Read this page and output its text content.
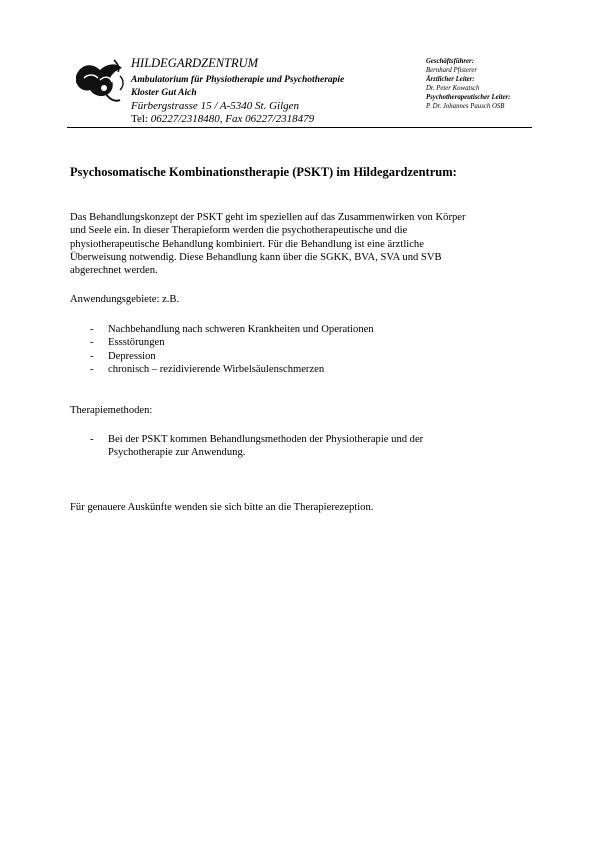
HILDEGARDZENTRUM
Ambulatorium für Physiotherapie und Psychotherapie
Kloster Gut Aich
Fürbergstrasse 15 / A-5340 St. Gilgen
Tel: 06227/2318480, Fax 06227/2318479
Geschäftsführer:
Bernhard Pfisterer
Ärztlicher Leiter:
Dr. Peter Kowatsch
Psychotherapeutischer Leiter:
P. Dr. Johannes Pausch OSB
Psychosomatische Kombinationstherapie (PSKT) im Hildegardzentrum:
Das Behandlungskonzept der PSKT geht im speziellen auf das Zusammenwirken von Körper
und Seele ein. In dieser Therapieform werden die psychotherapeutische und die
physiotherapeutische Behandlung kombiniert. Für die Behandlung ist eine ärztliche
Überweisung notwendig. Diese Behandlung kann über die SGKK, BVA, SVA und SVB
abgerechnet werden.
Anwendungsgebiete: z.B.
- Nachbehandlung nach schweren Krankheiten und Operationen
- Essstörungen
- Depression
- chronisch – rezidivierende Wirbelsäulenschmerzen
Therapiemethoden:
- Bei der PSKT kommen Behandlungsmethoden der Physiotherapie und der
Psychotherapie zur Anwendung.
Für genauere Auskünfte wenden sie sich bitte an die Therapierezeption.
